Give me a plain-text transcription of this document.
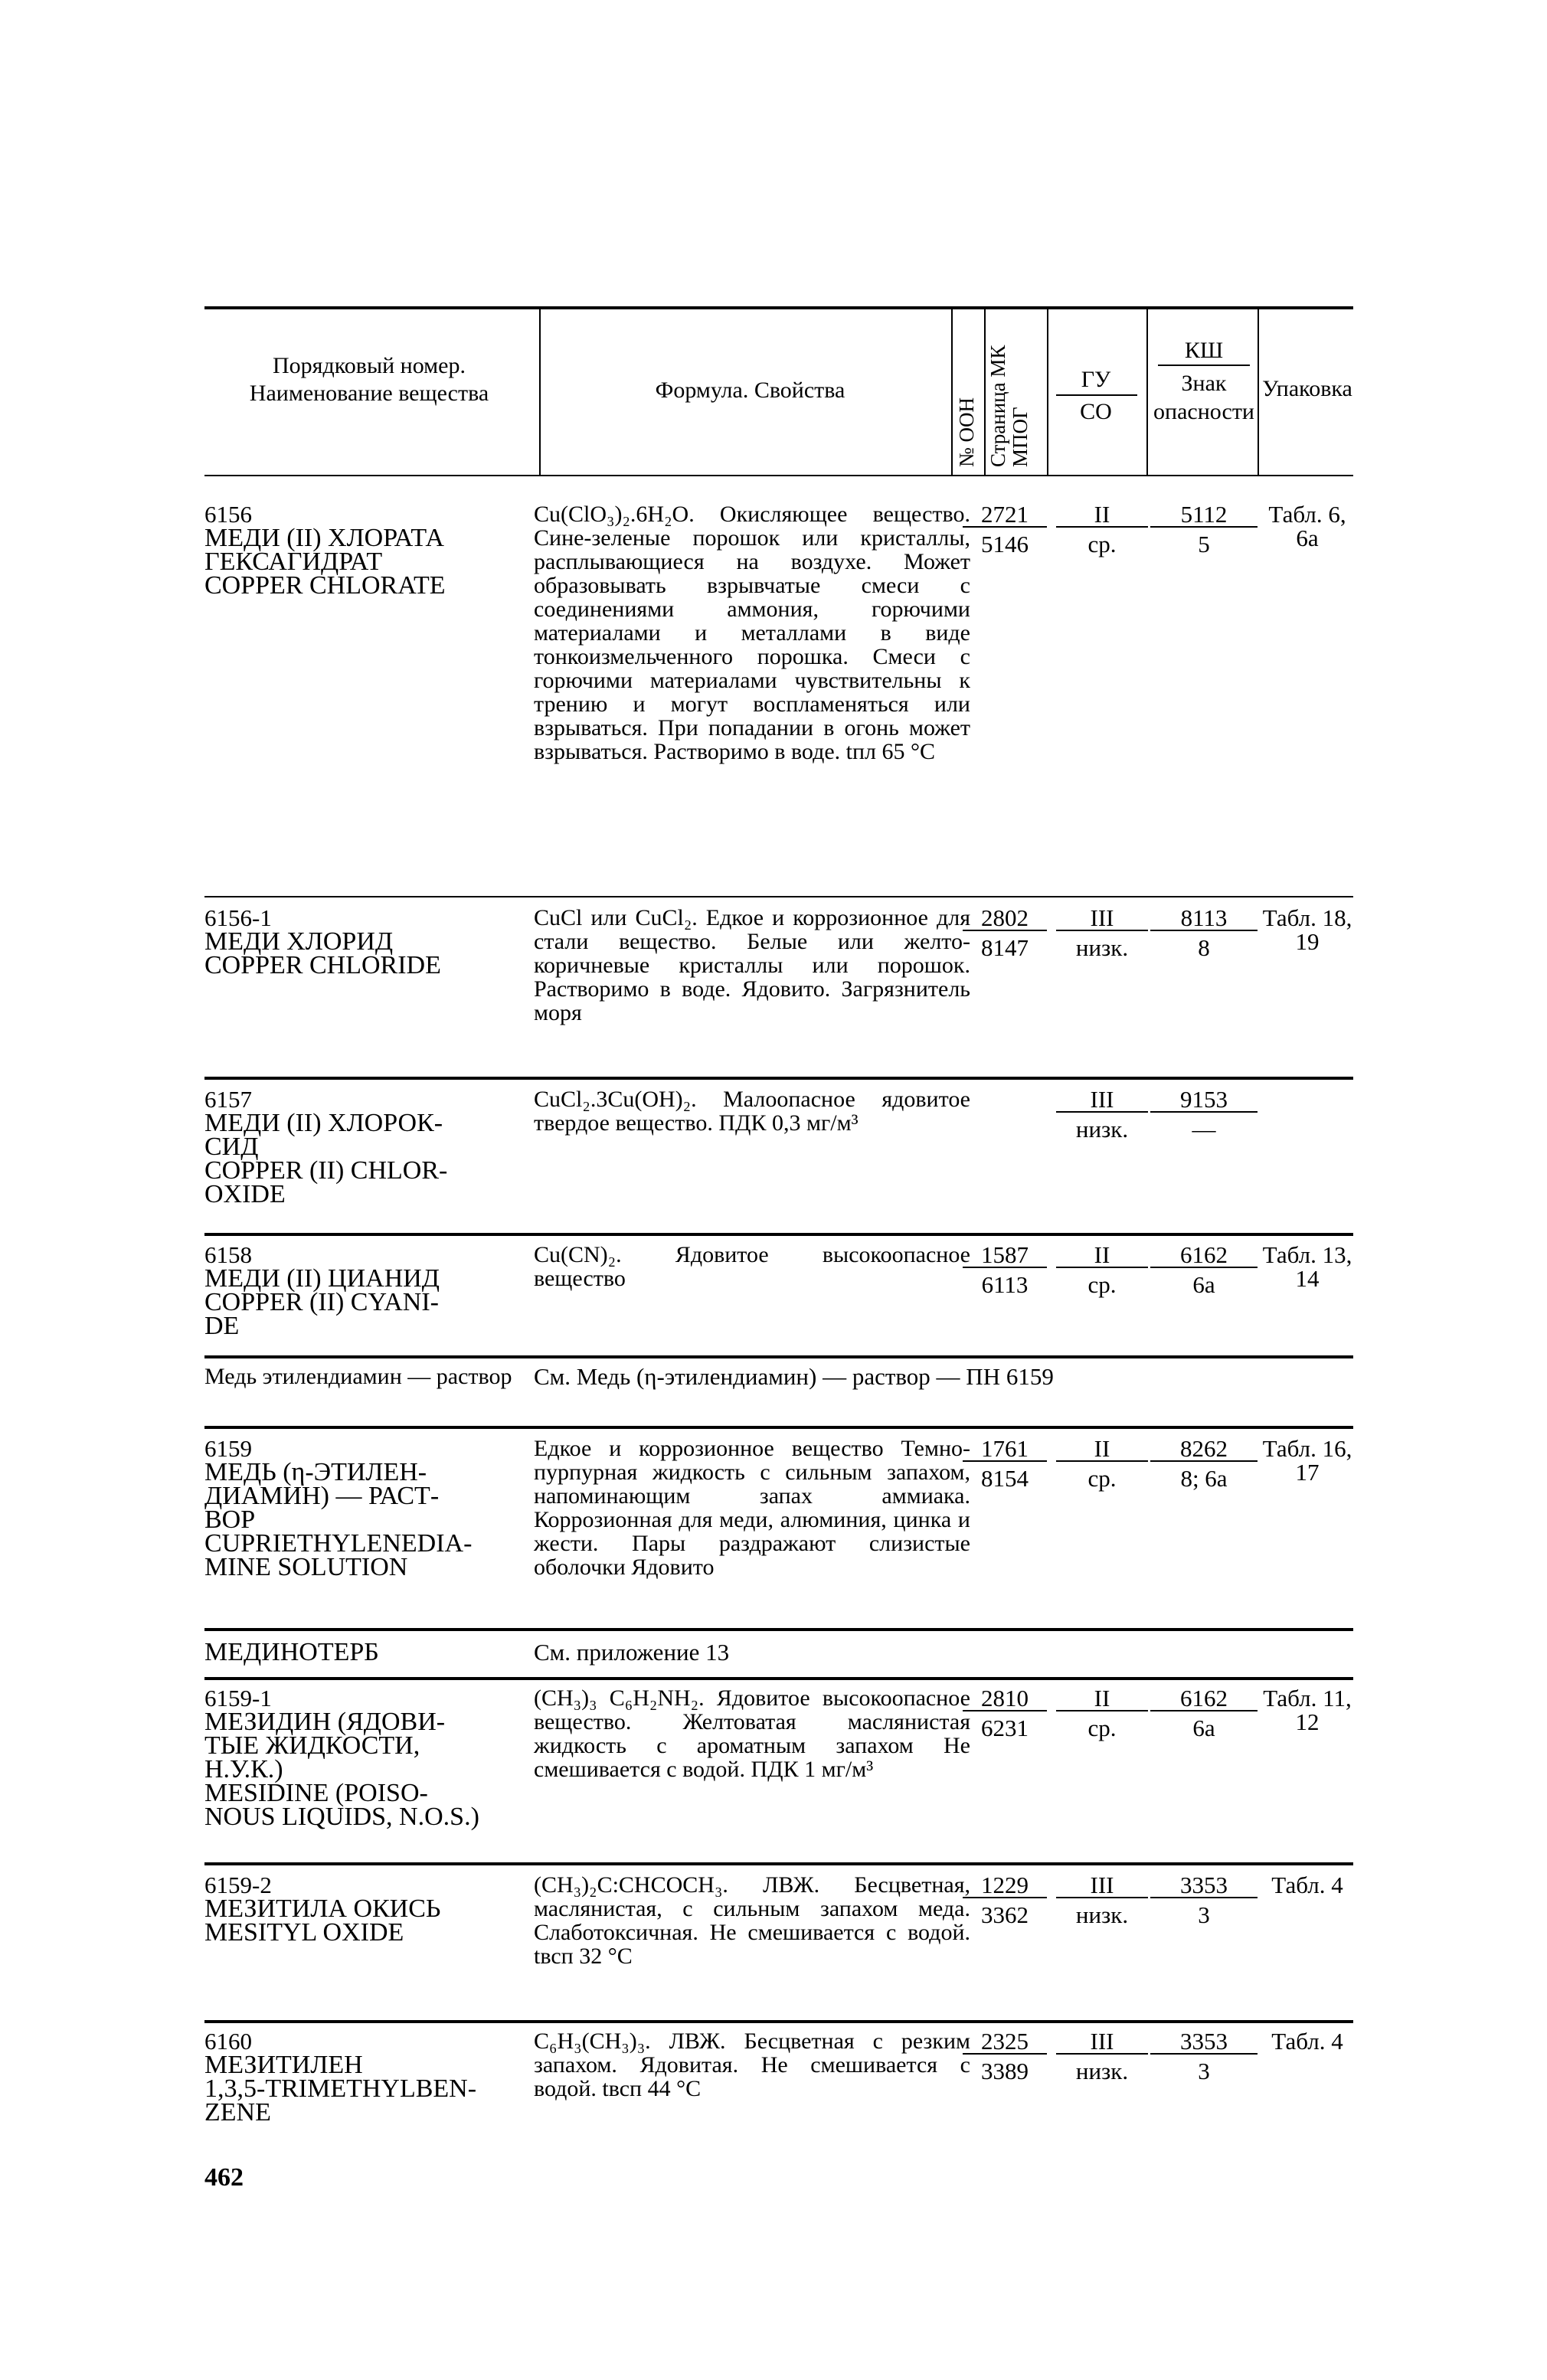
Порядковый номер. Наименование вещества	Формула. Свойства
№ ООН Страница МК МПОГ
ГУ
СО
КШ
Знак опасности
Упаковка
6156
МЕДИ (II) ХЛОРАТА
ГЕКСАГИДРАТ
COPPER CHLORATE
Cu(ClO₃)₂.6H₂O. Окисляющее вещество. Сине-зеленые порошок или кристаллы, расплывающиеся на воздухе. Может образовывать взрывчатые смеси с соединениями аммония, горючими материалами и металлами в виде тонкоизмельченного порошка. Смеси с горючими материалами чувствительны к трению и могут воспламеняться или взрываться. При попадании в огонь может взрываться. Растворимо в воде. tпл 65 °C
2721
5146
II
ср.
5112
5
Табл. 6, 6а
6156-1
МЕДИ ХЛОРИД
COPPER CHLORIDE
CuCl или CuCl₂. Едкое и коррозионное для стали вещество. Белые или желто-коричневые кристаллы или порошок. Растворимо в воде. Ядовито. Загрязнитель моря
2802
8147
III
низк.
8113
8
Табл. 18, 19
6157
МЕДИ (II) ХЛОРОК-
СИД
COPPER (II) CHLOR-
OXIDE
CuCl₂.3Cu(OH)₂. Малоопасное ядовитое твердое вещество. ПДК 0,3 мг/м³
III
низк.
9153
—
6158
МЕДИ (II) ЦИАНИД
COPPER (II) CYANI-
DE
Cu(CN)₂. Ядовитое высокоопасное вещество
1587
6113
II
ср.
6162
6а
Табл. 13, 14
Медь этилендиамин — раствор См. Медь (η-этилендиамин) — раствор — ПН 6159
6159
МЕДЬ (η-ЭТИЛЕН-
ДИАМИН) — РАСТ-
ВОР
CUPRIETHYLENEDIA-
MINE SOLUTION
Едкое и коррозионное вещество Темно-пурпурная жидкость с сильным запахом, напоминающим запах аммиака. Коррозионная для меди, алюминия, цинка и жести. Пары раздражают слизистые оболочки Ядовито
1761
8154
II
ср.
8262
8; 6а
Табл. 16, 17
МЕДИНОТЕРБ	См. приложение 13
6159-1
МЕЗИДИН (ЯДОВИ-
ТЫЕ ЖИДКОСТИ,
Н.У.К.)
MESIDINE (POISO-
NOUS LIQUIDS, N.O.S.)
(CH₃)₃ C₆H₂NH₂. Ядовитое высокоопасное вещество. Желтоватая маслянистая жидкость с ароматным запахом Не смешивается с водой. ПДК 1 мг/м³
2810
6231
II
ср.
6162
6а
Табл. 11, 12
6159-2
МЕЗИТИЛА ОКИСЬ
MESITYL OXIDE
(CH₃)₂C:CHCOCH₃. ЛВЖ. Бесцветная, маслянистая, с сильным запахом меда. Слаботоксичная. Не смешивается с водой. tвсп 32 °C
1229
3362
III
низк.
3353
3
Табл. 4
6160
МЕЗИТИЛЕН
1,3,5-TRIMETHYLBEN-
ZENE
C₆H₃(CH₃)₃. ЛВЖ. Бесцветная с резким запахом. Ядовитая. Не смешивается с водой. tвсп 44 °C
2325
3389
III
низк.
3353
3
Табл. 4
462
